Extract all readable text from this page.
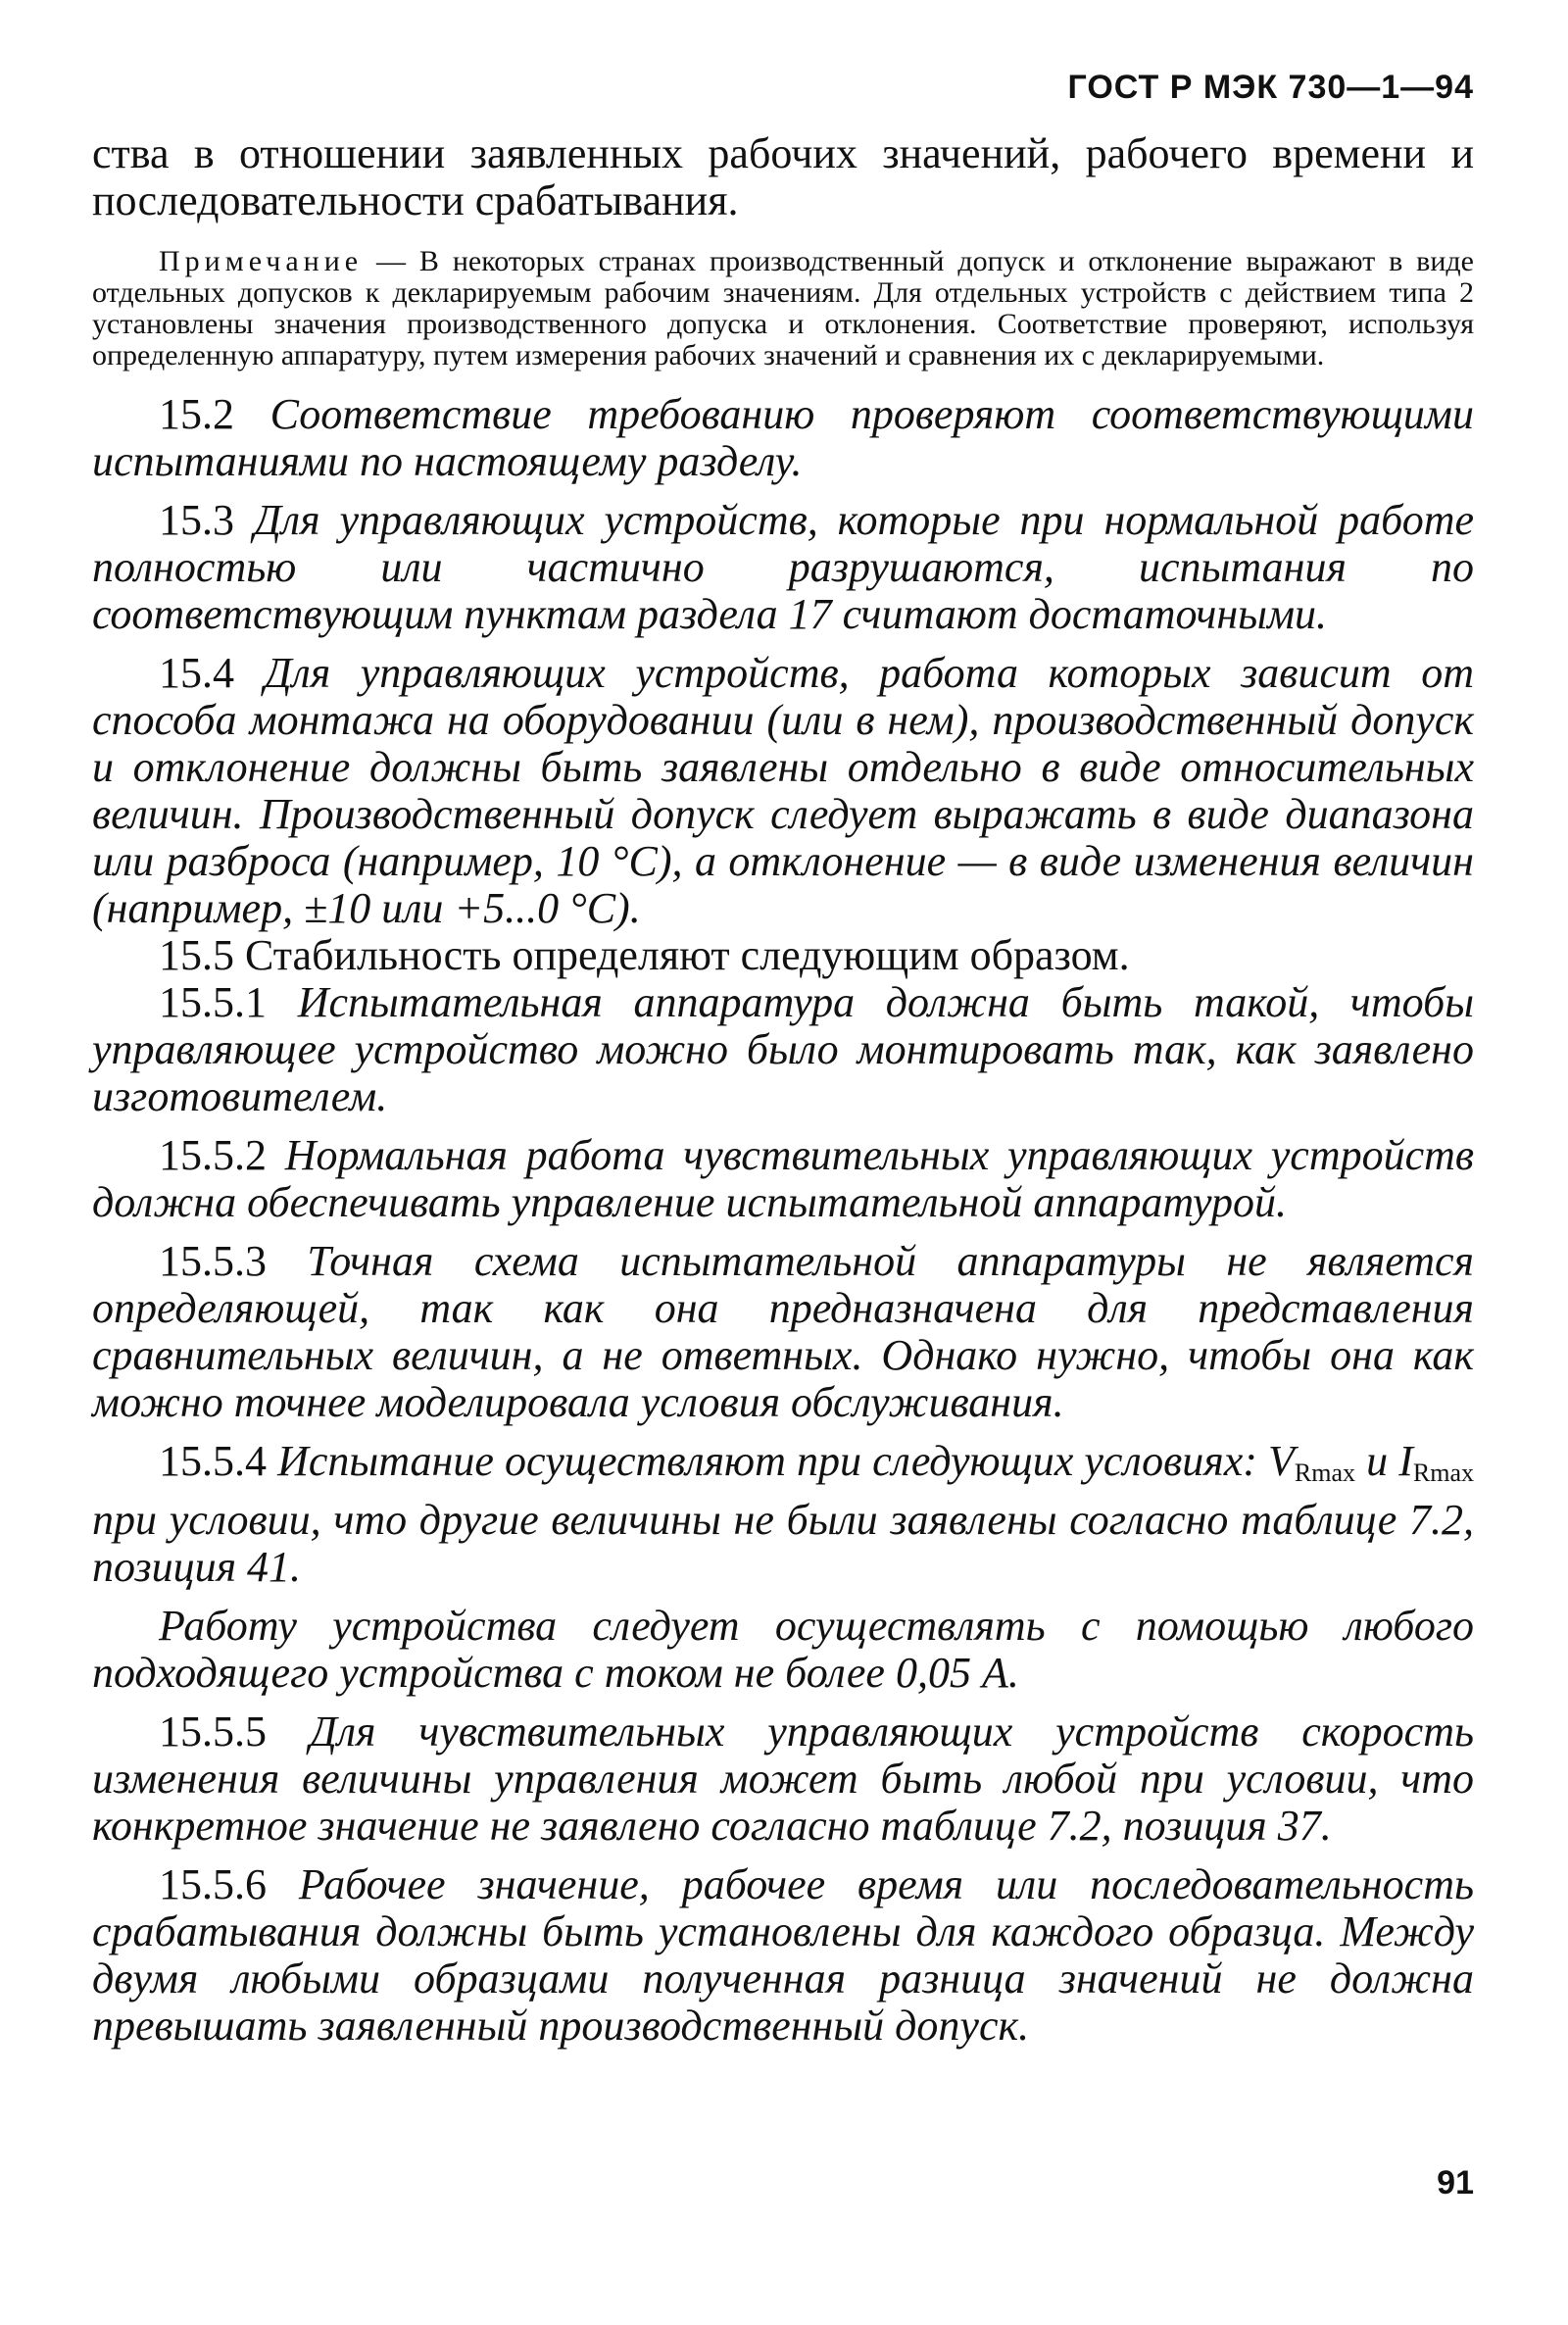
ГОСТ Р МЭК 730—1—94

ства в отношении заявленных рабочих значений, рабочего времени и последовательности срабатывания.

Примечание — В некоторых странах производственный допуск и отклонение выражают в виде отдельных допусков к декларируемым рабочим значениям. Для отдельных устройств с действием типа 2 установлены значения производственного допуска и отклонения. Соответствие проверяют, используя определенную аппаратуру, путем измерения рабочих значений и сравнения их с декларируемыми.

15.2 Соответствие требованию проверяют соответствующими испытаниями по настоящему разделу.

15.3 Для управляющих устройств, которые при нормальной работе полностью или частично разрушаются, испытания по соответствующим пунктам раздела 17 считают достаточными.

15.4 Для управляющих устройств, работа которых зависит от способа монтажа на оборудовании (или в нем), производственный допуск и отклонение должны быть заявлены отдельно в виде относительных величин. Производственный допуск следует выражать в виде диапазона или разброса (например, 10 °С), а отклонение — в виде изменения величин (например, ±10 или +5...0 °С).

15.5 Стабильность определяют следующим образом.

15.5.1 Испытательная аппаратура должна быть такой, чтобы управляющее устройство можно было монтировать так, как заявлено изготовителем.

15.5.2 Нормальная работа чувствительных управляющих устройств должна обеспечивать управление испытательной аппаратурой.

15.5.3 Точная схема испытательной аппаратуры не является определяющей, так как она предназначена для представления сравнительных величин, а не ответных. Однако нужно, чтобы она как можно точнее моделировала условия обслуживания.

15.5.4 Испытание осуществляют при следующих условиях: $V_{Rmax}$ и $I_{Rmax}$ при условии, что другие величины не были заявлены согласно таблице 7.2, позиция 41.

Работу устройства следует осуществлять с помощью любого подходящего устройства с током не более 0,05 А.

15.5.5 Для чувствительных управляющих устройств скорость изменения величины управления может быть любой при условии, что конкретное значение не заявлено согласно таблице 7.2, позиция 37.

15.5.6 Рабочее значение, рабочее время или последовательность срабатывания должны быть установлены для каждого образца. Между двумя любыми образцами полученная разница значений не должна превышать заявленный производственный допуск.

91
